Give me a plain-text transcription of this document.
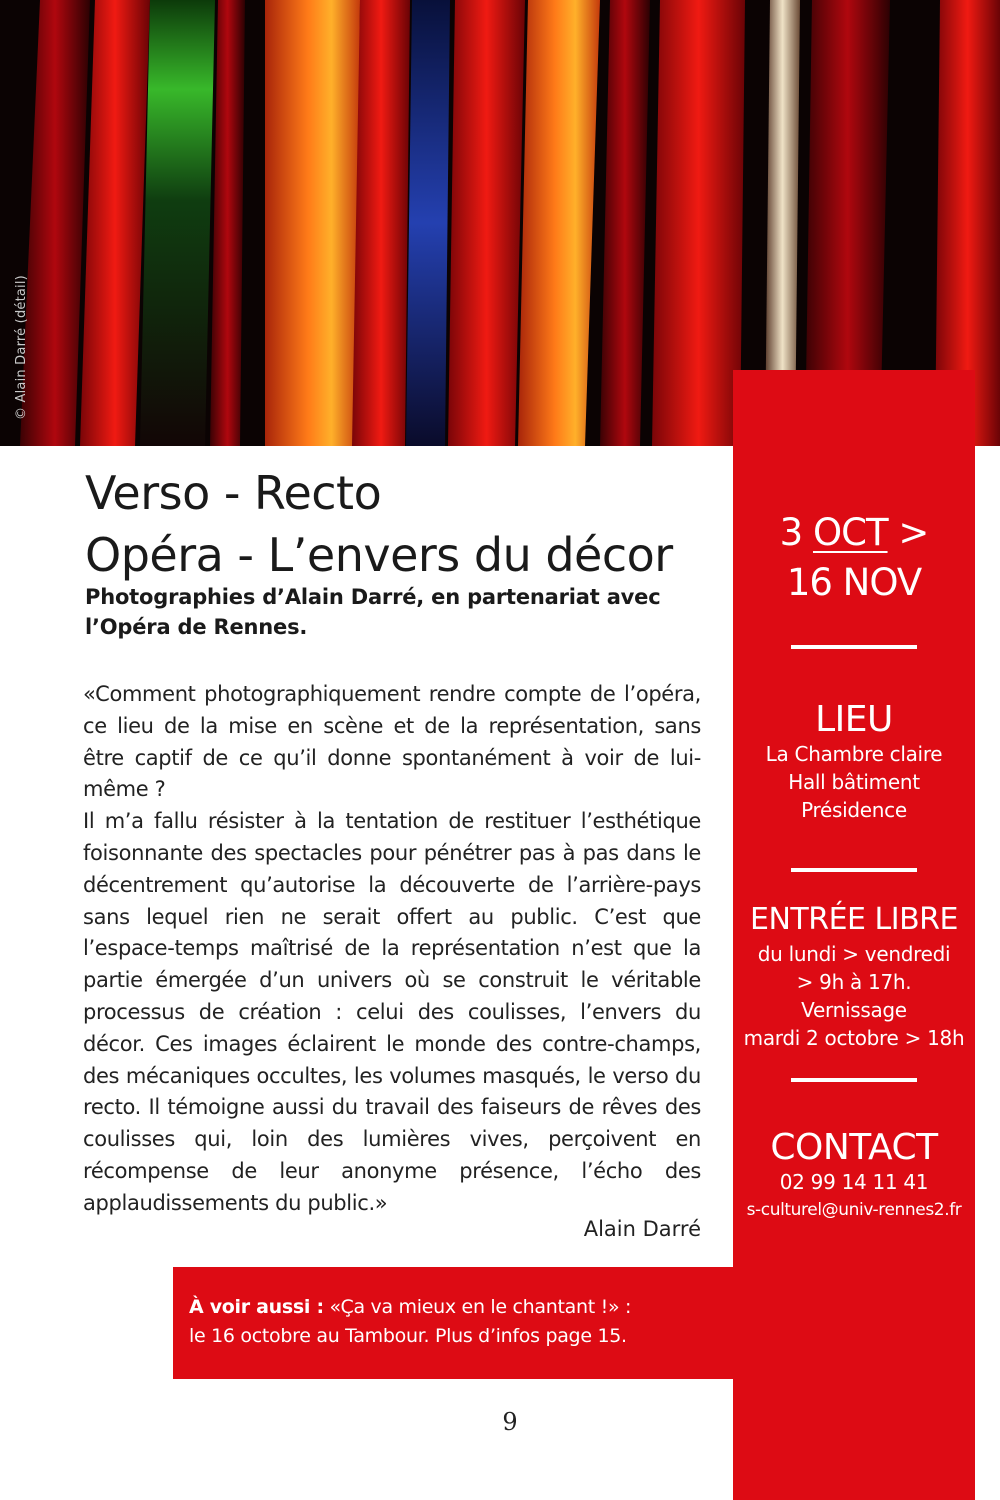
© Alain Darré (détail)
3 OCT >
16 NOV
LIEU
La Chambre claire
Hall bâtiment
Présidence
ENTRÉE LIBRE
du lundi > vendredi
> 9h à 17h.
Vernissage
mardi 2 octobre > 18h
CONTACT
02 99 14 11 41
s-culturel@univ-rennes2.fr
Verso - Recto
Opéra - L’envers du décor
Photographies d’Alain Darré, en partenariat avec l’Opéra de Rennes.

«Comment photographiquement rendre compte de l’opéra, ce lieu de la mise en scène et de la représentation, sans être captif de ce qu’il donne spontanément à voir de lui-même ?

Il m’a fallu résister à la tentation de restituer l’esthétique foisonnante des spectacles pour pénétrer pas à pas dans le décentrement qu’autorise la découverte de l’arrière-pays sans lequel rien ne serait offert au public. C’est que l’espace-temps maîtrisé de la représentation n’est que la partie émergée d’un univers où se construit le véritable processus de création : celui des coulisses, l’envers du décor. Ces images éclairent le monde des contre-champs, des mécaniques occultes, les volumes masqués, le verso du recto. Il témoigne aussi du travail des faiseurs de rêves des coulisses qui, loin des lumières vives, perçoivent en récompense de leur anonyme présence, l’écho des applaudissements du public.»

Alain Darré
À voir aussi : «Ça va mieux en le chantant !» :
le 16 octobre au Tambour. Plus d’infos page 15.
9
